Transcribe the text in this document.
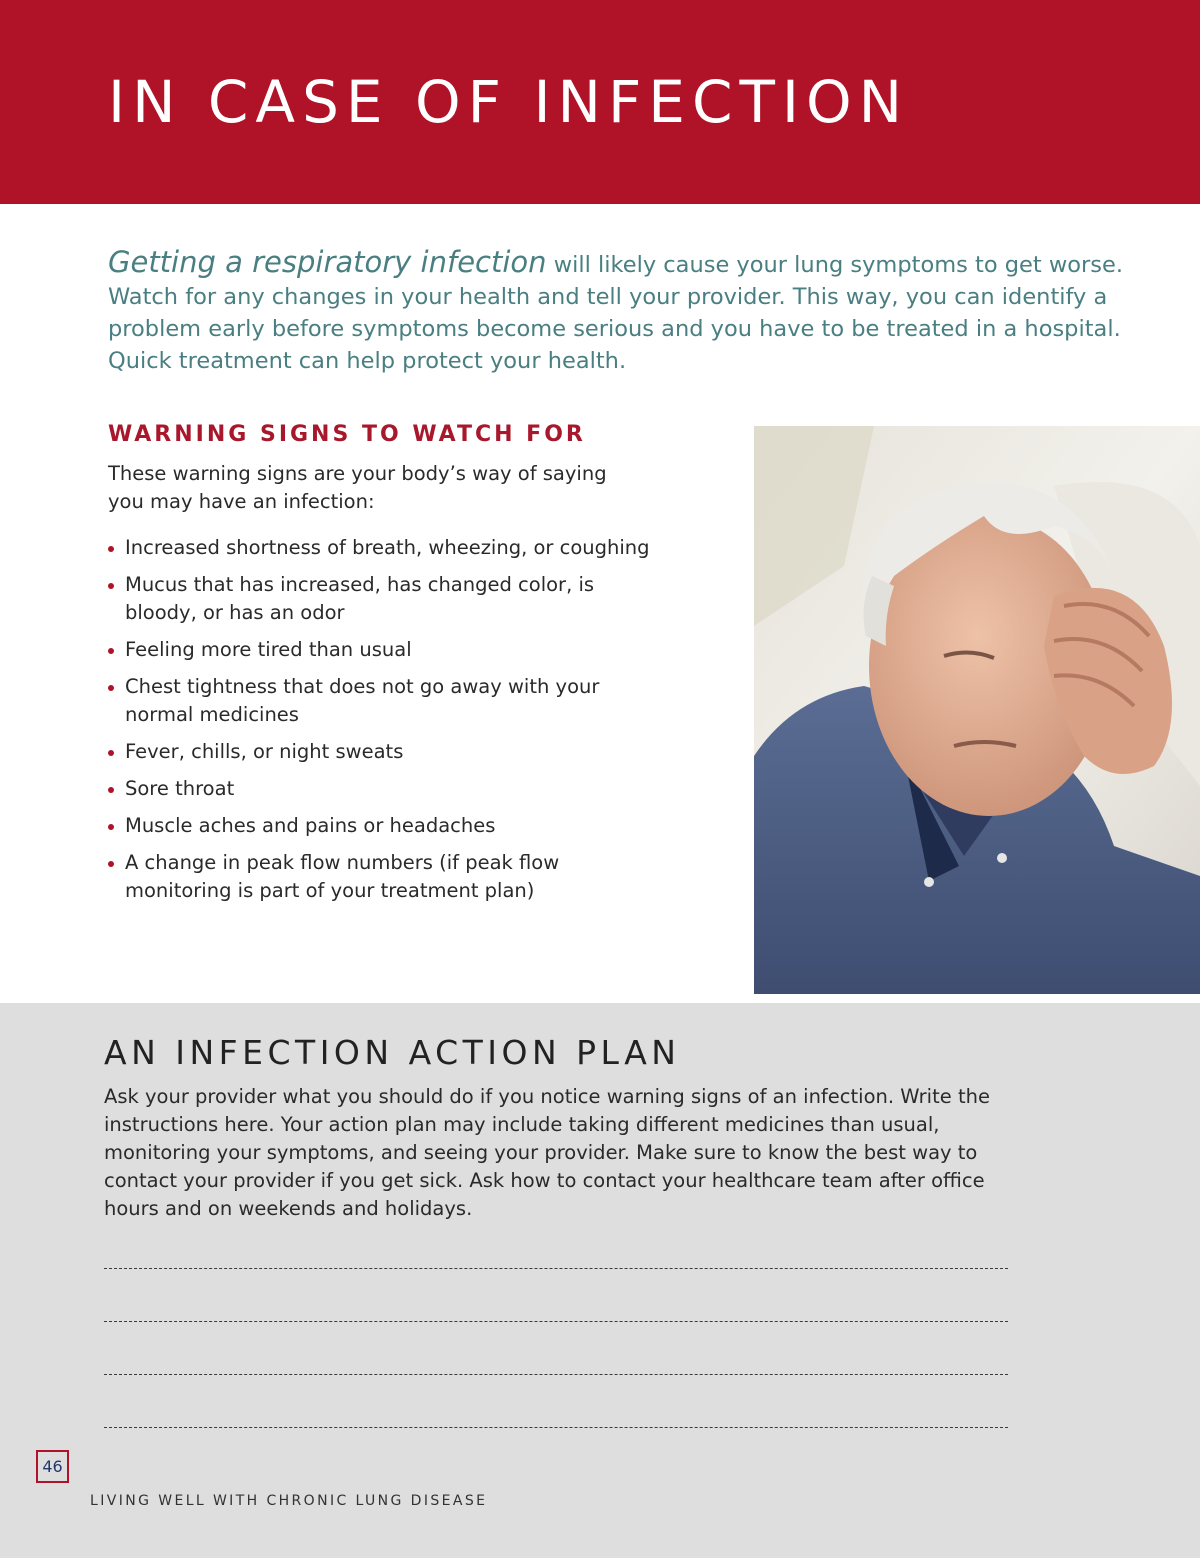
IN CASE OF INFECTION

Getting a respiratory infection will likely cause your lung symptoms to get worse. Watch for any changes in your health and tell your provider. This way, you can identify a problem early before symptoms become serious and you have to be treated in a hospital. Quick treatment can help protect your health.

WARNING SIGNS TO WATCH FOR

These warning signs are your body’s way of saying you may have an infection:

Increased shortness of breath, wheezing, or coughing
Mucus that has increased, has changed color, is bloody, or has an odor
Feeling more tired than usual
Chest tightness that does not go away with your normal medicines
Fever, chills, or night sweats
Sore throat
Muscle aches and pains or headaches
A change in peak flow numbers (if peak flow monitoring is part of your treatment plan)
AN INFECTION ACTION PLAN

Ask your provider what you should do if you notice warning signs of an infection. Write the instructions here. Your action plan may include taking different medicines than usual, monitoring your symptoms, and seeing your provider. Make sure to know the best way to contact your provider if you get sick. Ask how to contact your healthcare team after office hours and on weekends and holidays.

46

LIVING WELL WITH CHRONIC LUNG DISEASE
